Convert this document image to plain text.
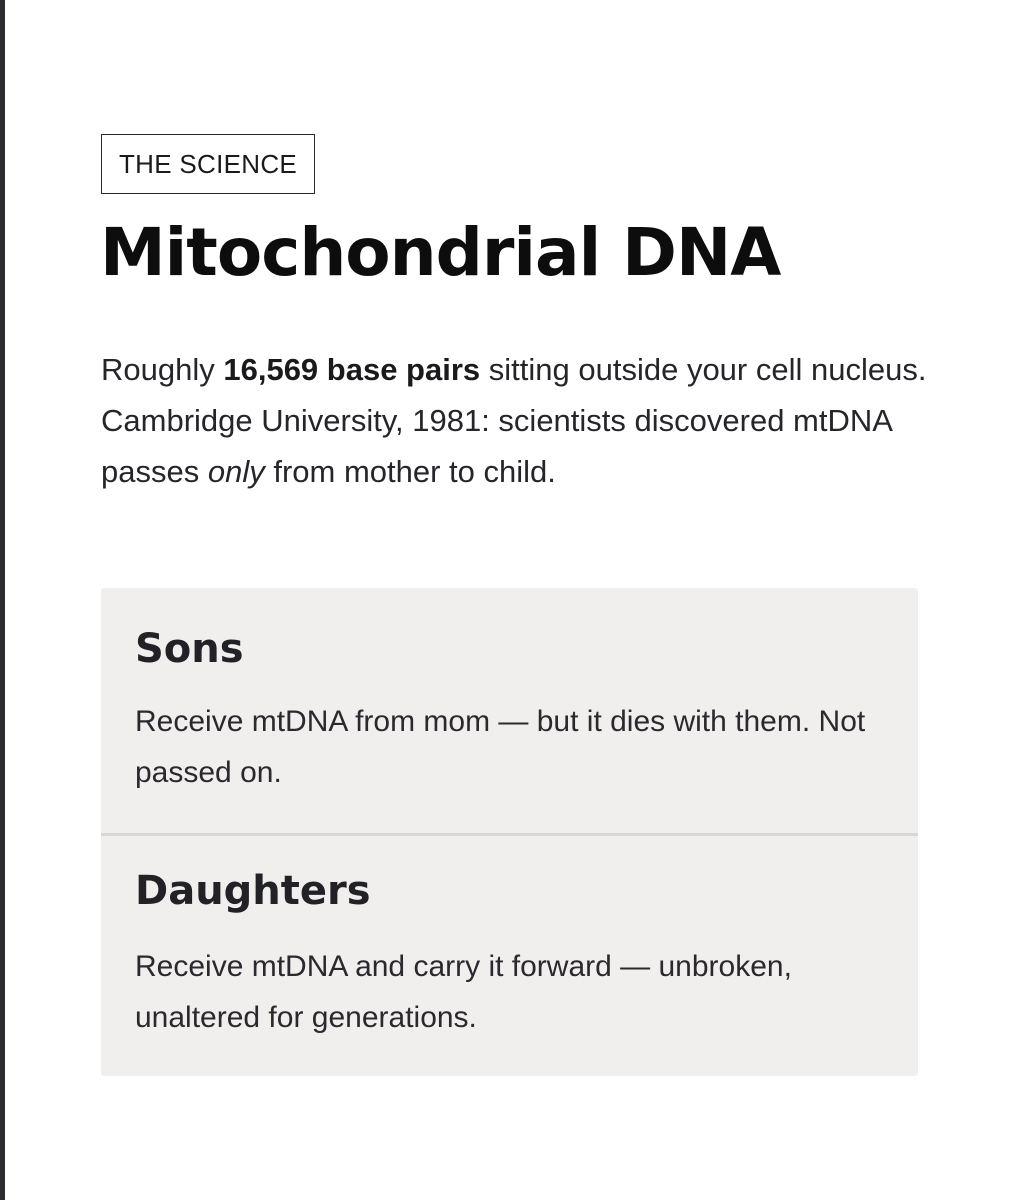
THE SCIENCE
Mitochondrial DNA

Roughly 16,569 base pairs sitting outside your cell nucleus. Cambridge University, 1981: scientists discovered mtDNA passes only from mother to child.

Sons

Receive mtDNA from mom — but it dies with them. Not passed on.

Daughters

Receive mtDNA and carry it forward — unbroken, unaltered for generations.
